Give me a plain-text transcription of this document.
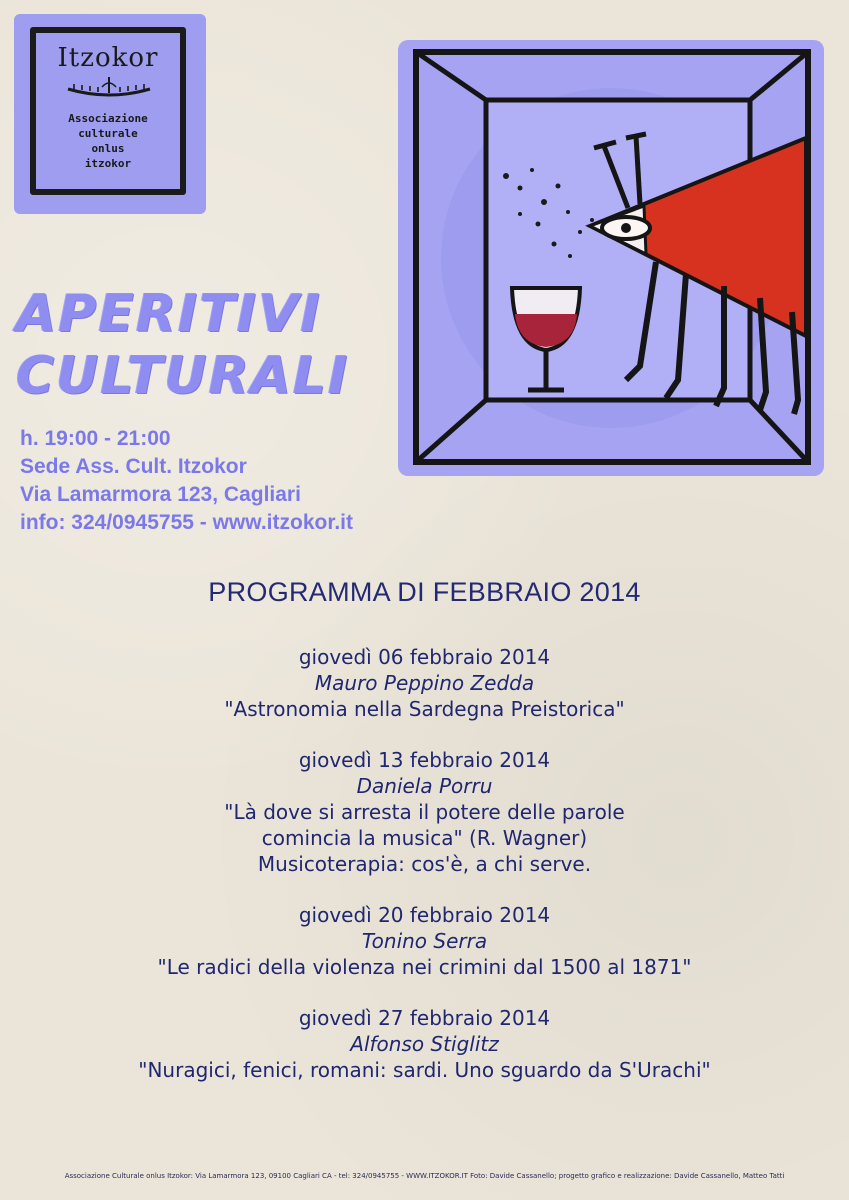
Itzokor
Associazione
culturale
onlus
itzokor
APERITIVI
CULTURALI
h. 19:00 - 21:00
Sede Ass. Cult. Itzokor
Via Lamarmora 123, Cagliari
info: 324/0945755 - www.itzokor.it
PROGRAMMA DI FEBBRAIO 2014
giovedì 06 febbraio 2014
Mauro Peppino Zedda
"Astronomia nella Sardegna Preistorica"
giovedì 13 febbraio 2014
Daniela Porru
"Là dove si arresta il potere delle parole
comincia la musica" (R. Wagner)
Musicoterapia: cos'è, a chi serve.
giovedì 20 febbraio 2014
Tonino Serra
"Le radici della violenza nei crimini dal 1500 al 1871"
giovedì 27 febbraio 2014
Alfonso Stiglitz
"Nuragici, fenici, romani: sardi. Uno sguardo da S'Urachi"
Associazione Culturale onlus Itzokor: Via Lamarmora 123, 09100 Cagliari CA - tel: 324/0945755 - WWW.ITZOKOR.IT Foto: Davide Cassanello; progetto grafico e realizzazione: Davide Cassanello, Matteo Tatti
